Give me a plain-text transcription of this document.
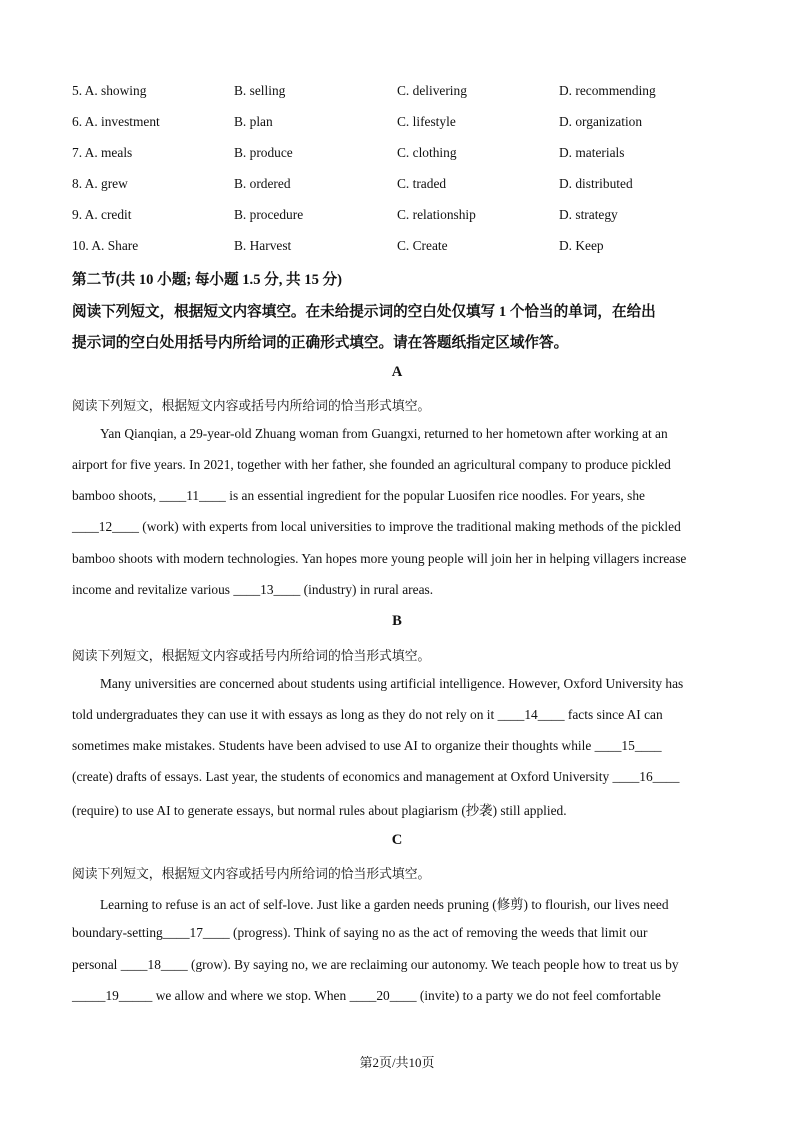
5. A. showing	B. selling	C. delivering	D. recommending
6. A. investment	B. plan	C. lifestyle	D. organization
7. A. meals	B. produce	C. clothing	D. materials
8. A. grew	B. ordered	C. traded	D. distributed
9. A. credit	B. procedure	C. relationship	D. strategy
10. A. Share	B. Harvest	C. Create	D. Keep
第二节(共 10 小题; 每小题 1.5 分, 共 15 分)
阅读下列短文，根据短文内容填空。在未给提示词的空白处仅填写 1 个恰当的单词，在给出
提示词的空白处用括号内所给词的正确形式填空。请在答题纸指定区域作答。
A
阅读下列短文，根据短文内容或括号内所给词的恰当形式填空。
Yan Qianqian, a 29-year-old Zhuang woman from Guangxi, returned to her hometown after working at an
airport for five years. In 2021, together with her father, she founded an agricultural company to produce pickled
bamboo shoots, ____11____ is an essential ingredient for the popular Luosifen rice noodles. For years, she
____12____ (work) with experts from local universities to improve the traditional making methods of the pickled
bamboo shoots with modern technologies. Yan hopes more young people will join her in helping villagers increase
income and revitalize various ____13____ (industry) in rural areas.
B
阅读下列短文，根据短文内容或括号内所给词的恰当形式填空。
Many universities are concerned about students using artificial intelligence. However, Oxford University has
told undergraduates they can use it with essays as long as they do not rely on it ____14____ facts since AI can
sometimes make mistakes. Students have been advised to use AI to organize their thoughts while ____15____
(create) drafts of essays. Last year, the students of economics and management at Oxford University ____16____
(require) to use AI to generate essays, but normal rules about plagiarism (抄袭) still applied.
C
阅读下列短文，根据短文内容或括号内所给词的恰当形式填空。
Learning to refuse is an act of self-love. Just like a garden needs pruning (修剪) to flourish, our lives need
boundary-setting____17____ (progress). Think of saying no as the act of removing the weeds that limit our
personal ____18____ (grow). By saying no, we are reclaiming our autonomy. We teach people how to treat us by
_____19_____ we allow and where we stop. When ____20____ (invite) to a party we do not feel comfortable
第2页/共10页
